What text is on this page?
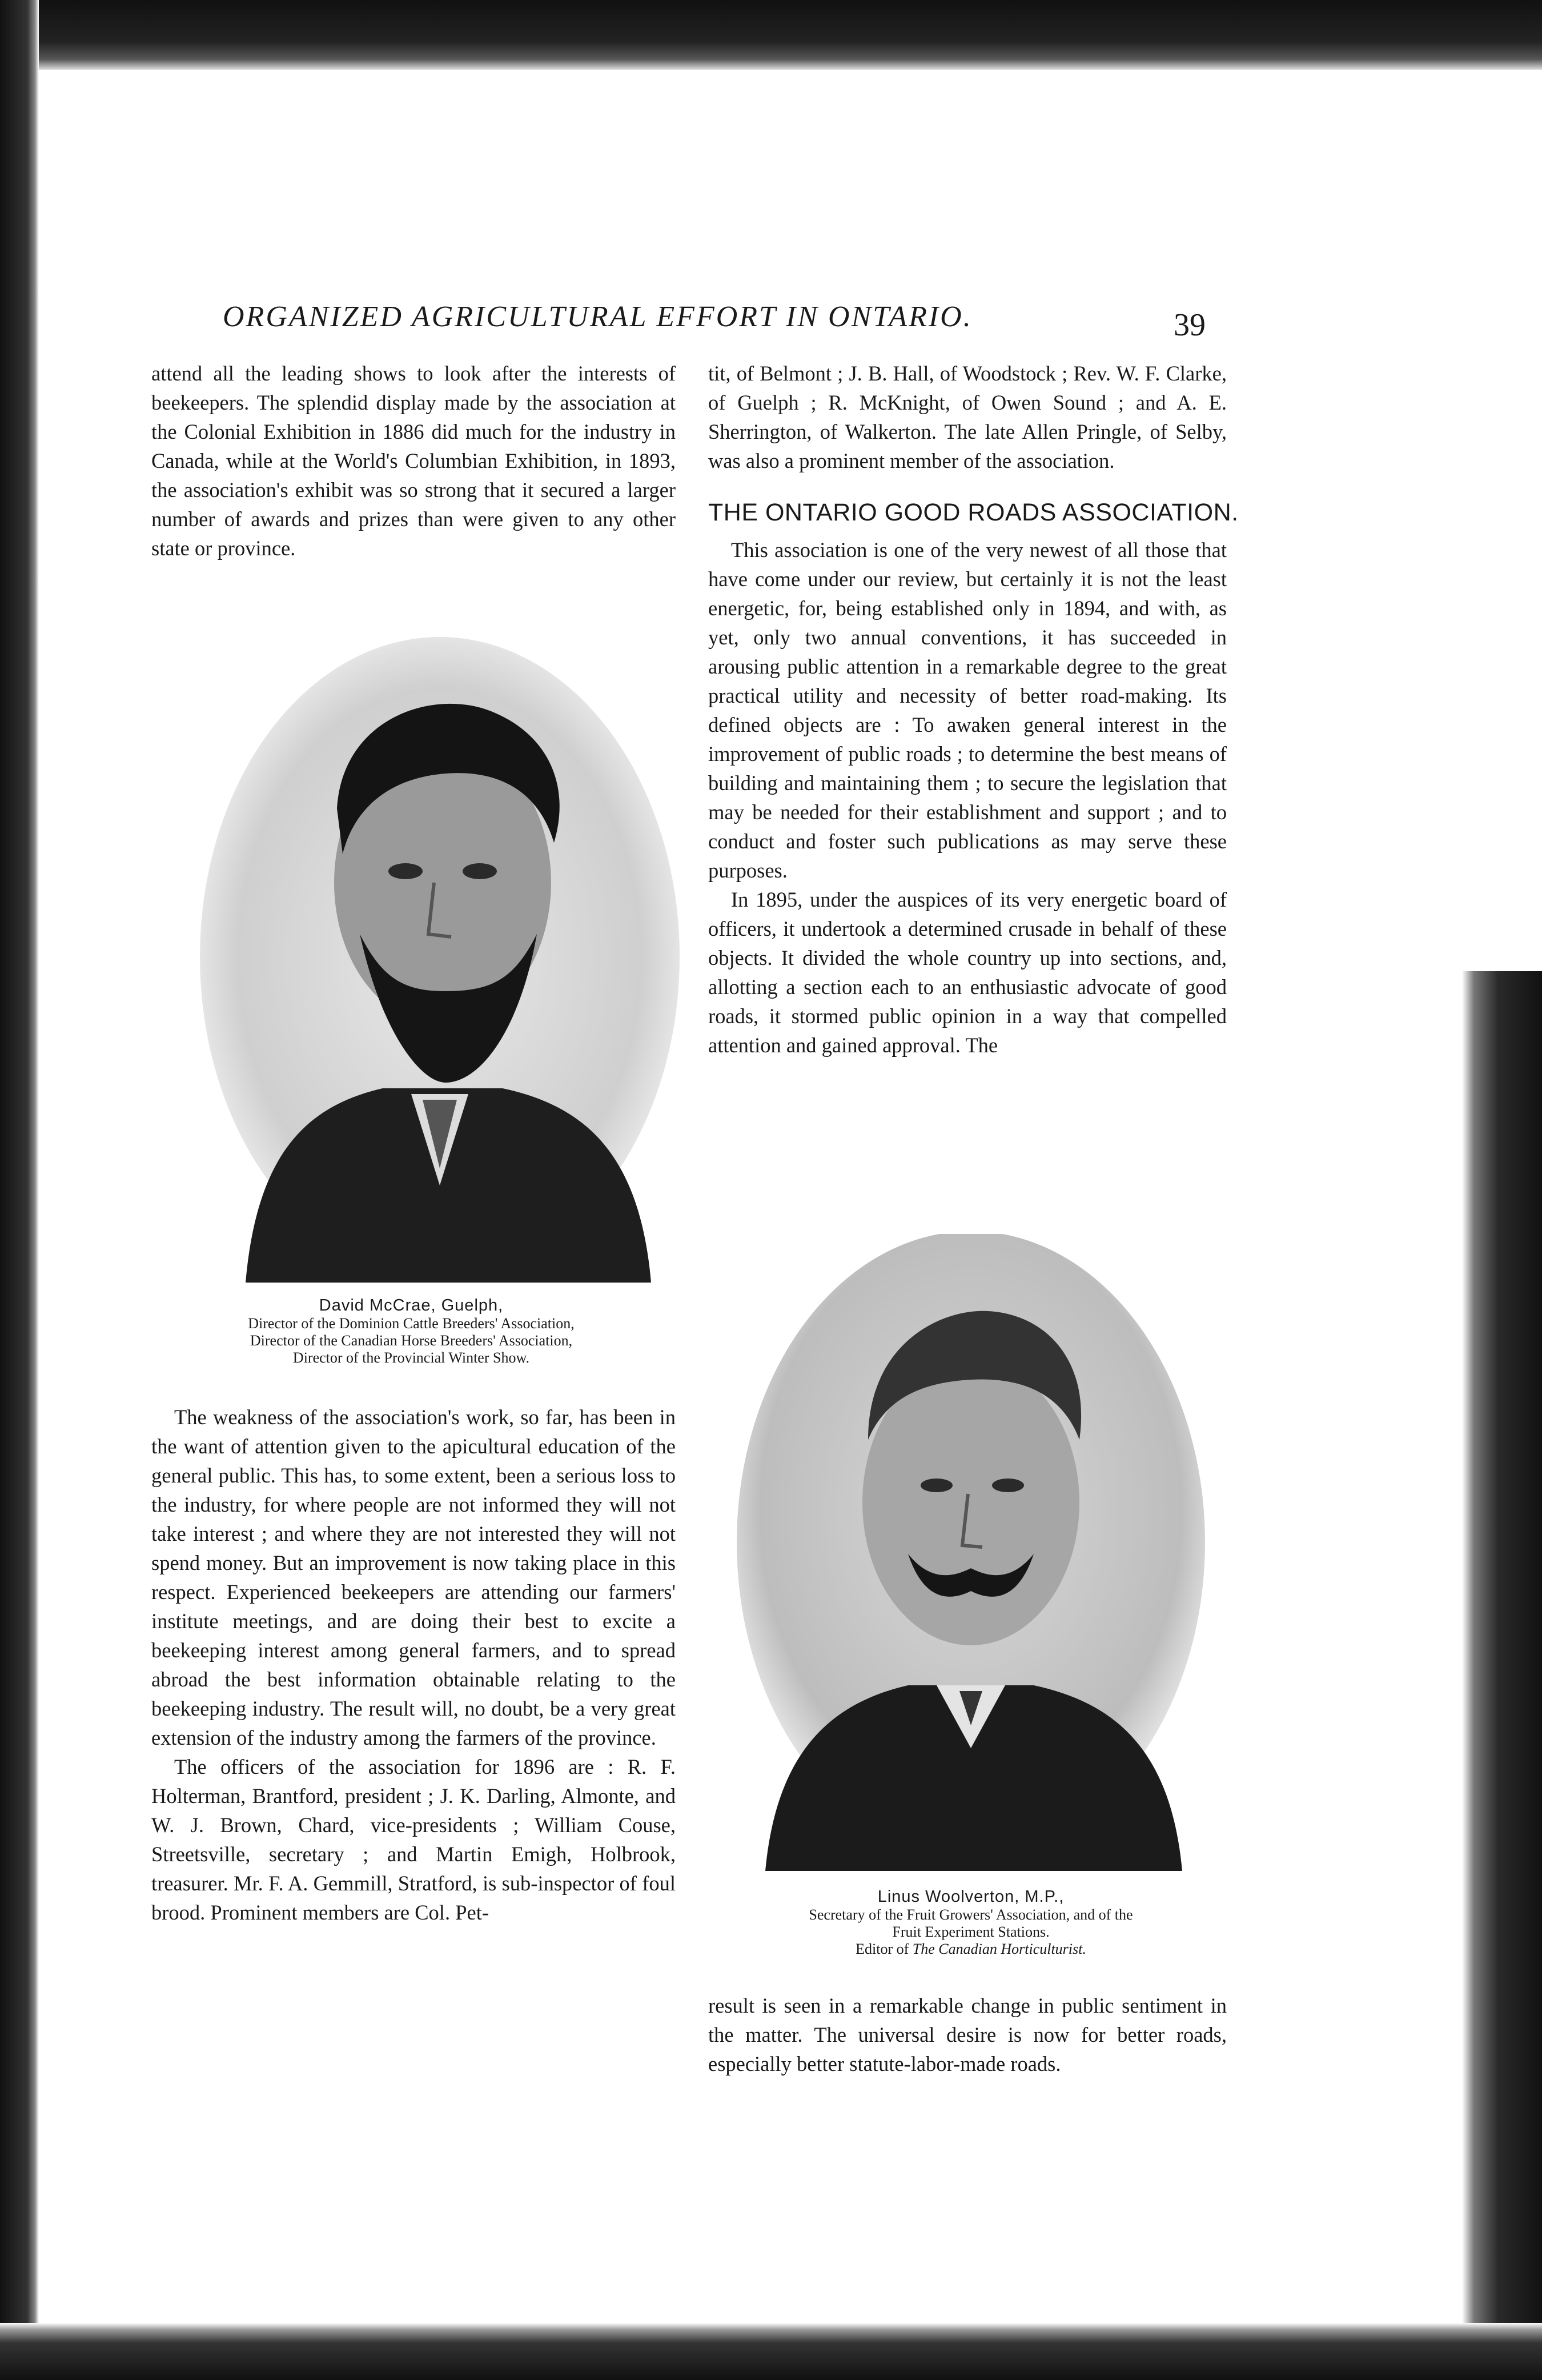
ORGANIZED AGRICULTURAL EFFORT IN ONTARIO.	39

attend all the leading shows to look after the interests of beekeepers. The splendid display made by the association at the Colonial Exhibition in 1886 did much for the industry in Canada, while at the World's Columbian Exhibition, in 1893, the association's exhibit was so strong that it secured a larger number of awards and prizes than were given to any other state or province.

David McCrae, Guelph,
Director of the Dominion Cattle Breeders' Association,
Director of the Canadian Horse Breeders' Association,
Director of the Provincial Winter Show.

The weakness of the association's work, so far, has been in the want of attention given to the apicultural education of the general public. This has, to some extent, been a serious loss to the industry, for where people are not informed they will not take interest ; and where they are not interested they will not spend money. But an improvement is now taking place in this respect. Experienced beekeepers are attending our farmers' institute meetings, and are doing their best to excite a beekeeping interest among general farmers, and to spread abroad the best information obtainable relating to the beekeeping industry. The result will, no doubt, be a very great extension of the industry among the farmers of the province.

The officers of the association for 1896 are : R. F. Holterman, Brantford, president ; J. K. Darling, Almonte, and W. J. Brown, Chard, vice-presidents ; William Couse, Streetsville, secretary ; and Martin Emigh, Holbrook, treasurer. Mr. F. A. Gemmill, Stratford, is sub-inspector of foul brood. Prominent members are Col. Pet-

tit, of Belmont ; J. B. Hall, of Woodstock ; Rev. W. F. Clarke, of Guelph ; R. McKnight, of Owen Sound ; and A. E. Sherrington, of Walkerton. The late Allen Pringle, of Selby, was also a prominent member of the association.

THE ONTARIO GOOD ROADS ASSOCIATION.

This association is one of the very newest of all those that have come under our review, but certainly it is not the least energetic, for, being established only in 1894, and with, as yet, only two annual conventions, it has succeeded in arousing public attention in a remarkable degree to the great practical utility and necessity of better road-making. Its defined objects are : To awaken general interest in the improvement of public roads ; to determine the best means of building and maintaining them ; to secure the legislation that may be needed for their establishment and support ; and to conduct and foster such publications as may serve these purposes.

In 1895, under the auspices of its very energetic board of officers, it undertook a determined crusade in behalf of these objects. It divided the whole country up into sections, and, allotting a section each to an enthusiastic advocate of good roads, it stormed public opinion in a way that compelled attention and gained approval. The

Linus Woolverton, M.P.,
Secretary of the Fruit Growers' Association, and of the
Fruit Experiment Stations.
Editor of The Canadian Horticulturist.

result is seen in a remarkable change in public sentiment in the matter. The universal desire is now for better roads, especially better statute-labor-made roads.
